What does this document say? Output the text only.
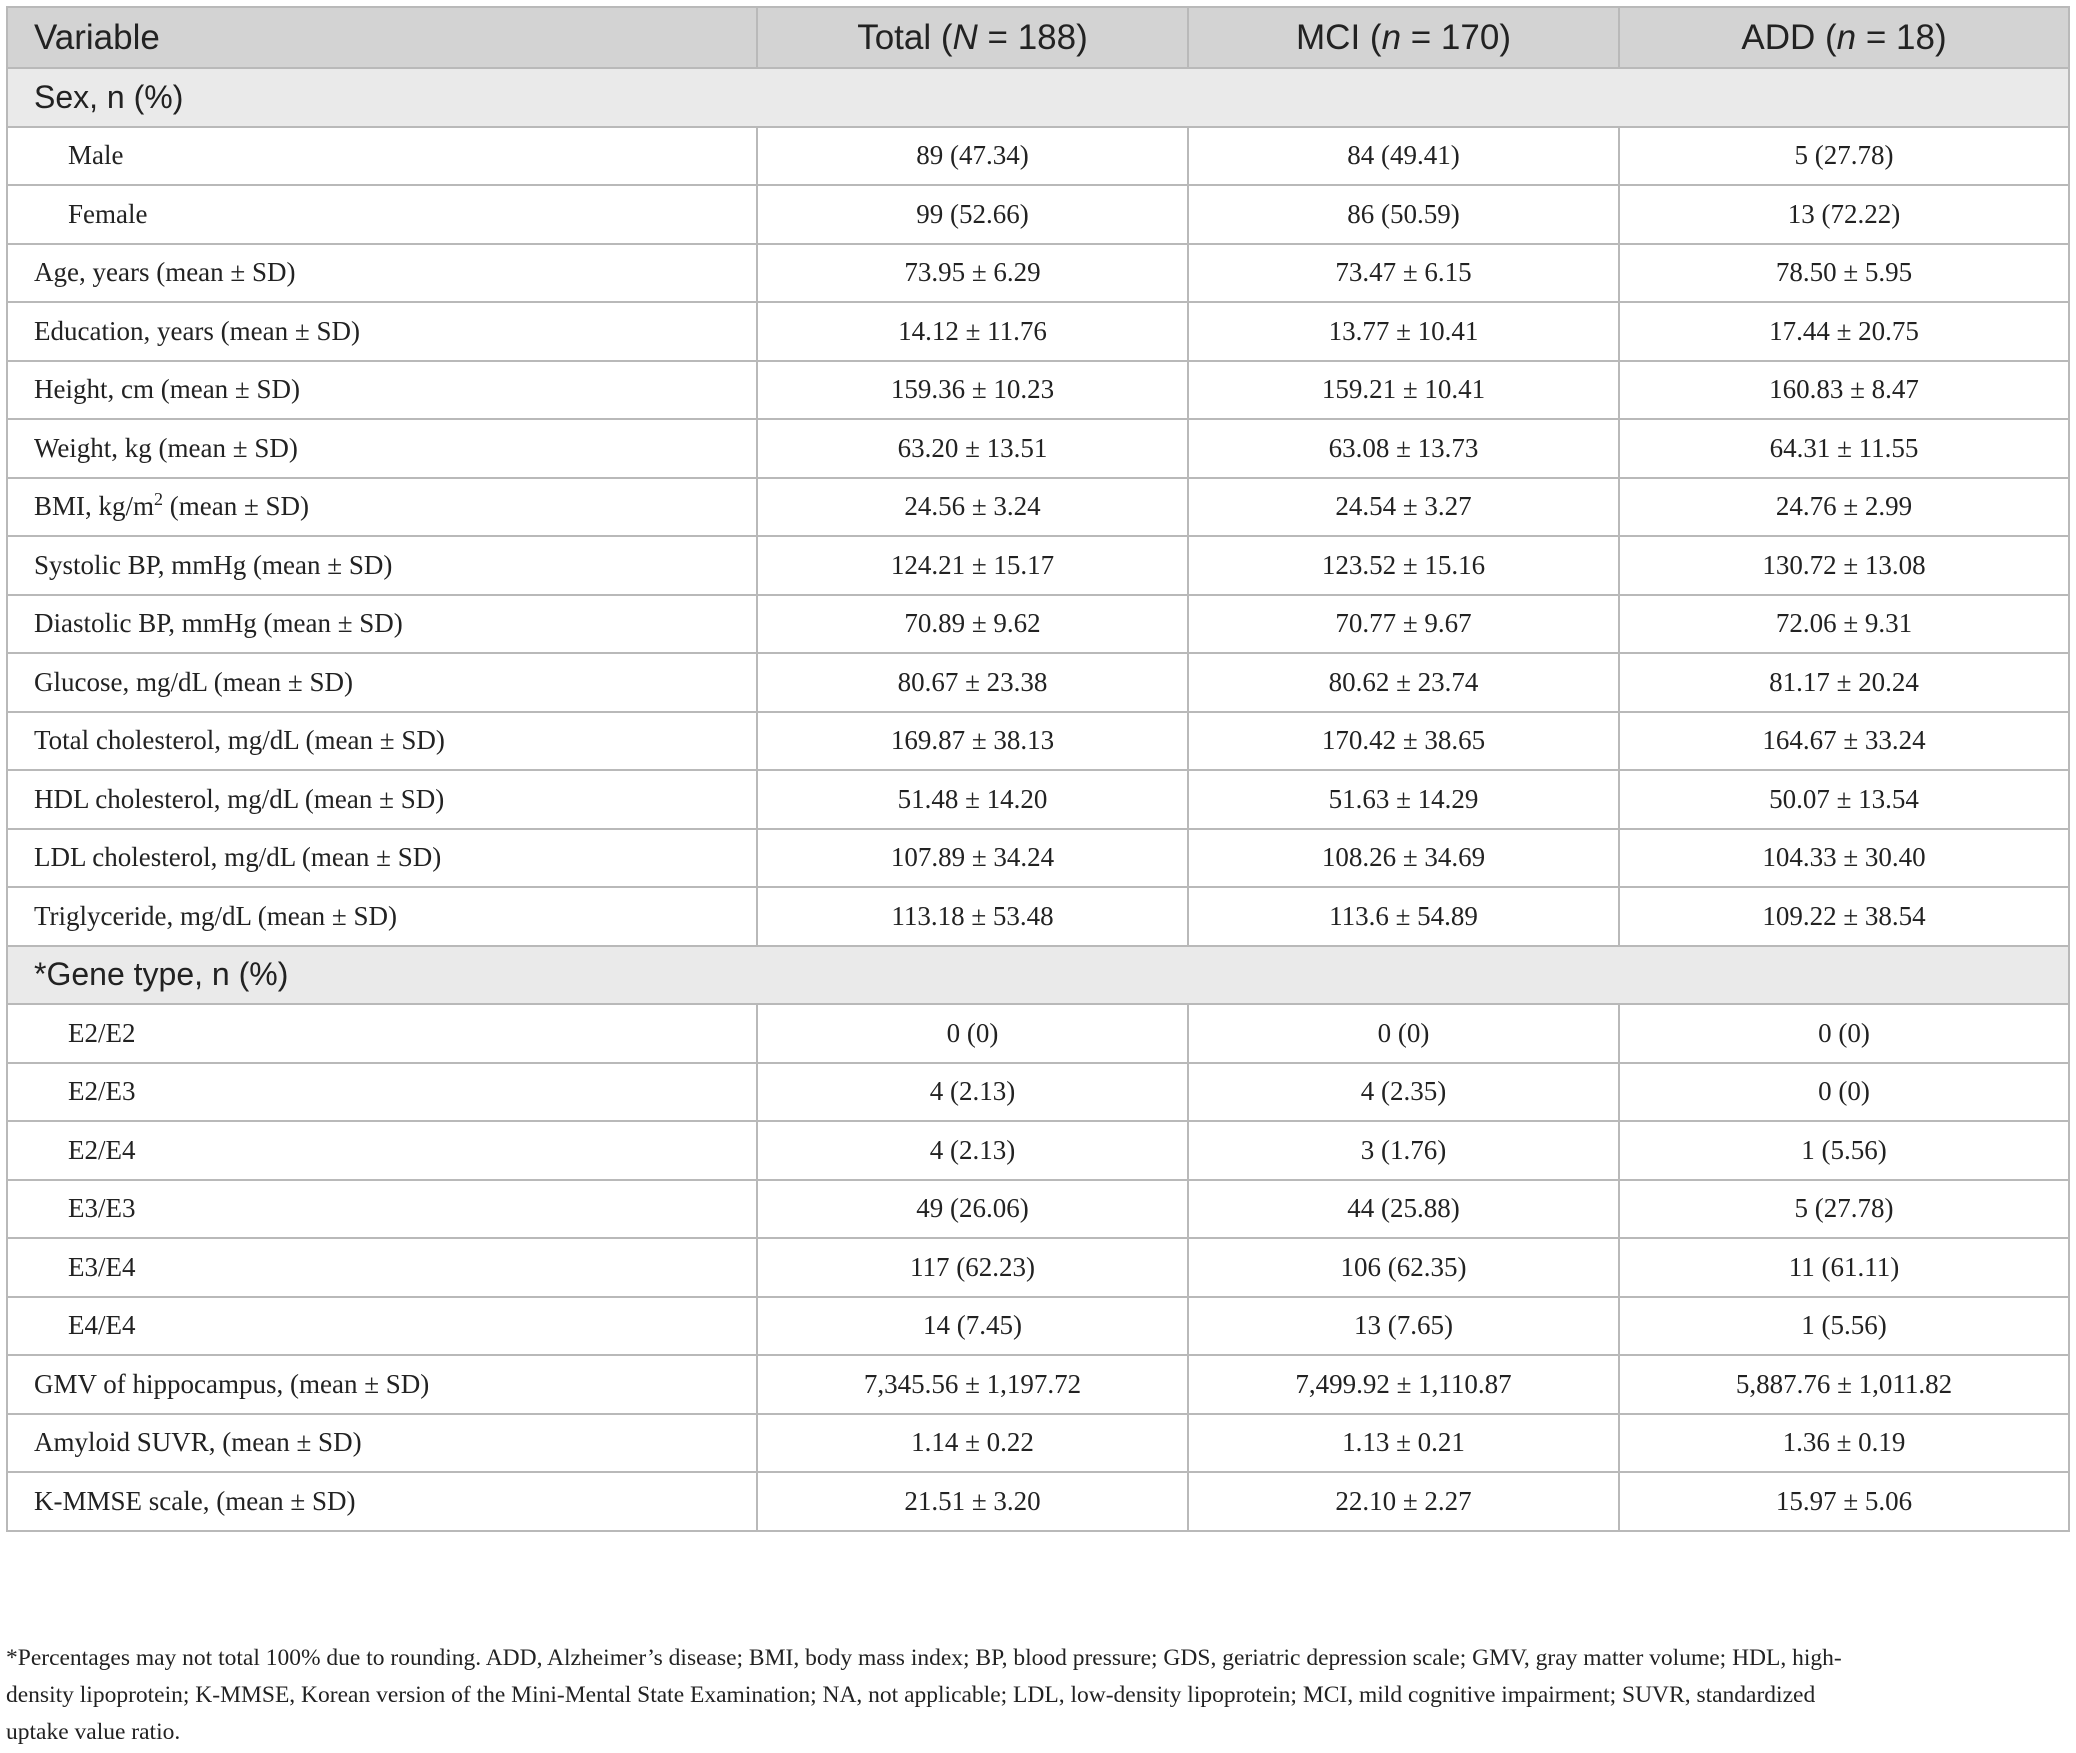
Variable	Total (N = 188)	MCI (n = 170)	ADD (n = 18)
Sex, n (%)			
Male	89 (47.34)	84 (49.41)	5 (27.78)
Female	99 (52.66)	86 (50.59)	13 (72.22)
Age, years (mean ± SD)	73.95 ± 6.29	73.47 ± 6.15	78.50 ± 5.95
Education, years (mean ± SD)	14.12 ± 11.76	13.77 ± 10.41	17.44 ± 20.75
Height, cm (mean ± SD)	159.36 ± 10.23	159.21 ± 10.41	160.83 ± 8.47
Weight, kg (mean ± SD)	63.20 ± 13.51	63.08 ± 13.73	64.31 ± 11.55
BMI, $kg/m^2$ (mean ± SD)	24.56 ± 3.24	24.54 ± 3.27	24.76 ± 2.99
Systolic BP, mmHg (mean ± SD)	124.21 ± 15.17	123.52 ± 15.16	130.72 ± 13.08
Diastolic BP, mmHg (mean ± SD)	70.89 ± 9.62	70.77 ± 9.67	72.06 ± 9.31
Glucose, mg/dL (mean ± SD)	80.67 ± 23.38	80.62 ± 23.74	81.17 ± 20.24
Total cholesterol, mg/dL (mean ± SD)	169.87 ± 38.13	170.42 ± 38.65	164.67 ± 33.24
HDL cholesterol, mg/dL (mean ± SD)	51.48 ± 14.20	51.63 ± 14.29	50.07 ± 13.54
LDL cholesterol, mg/dL (mean ± SD)	107.89 ± 34.24	108.26 ± 34.69	104.33 ± 30.40
Triglyceride, mg/dL (mean ± SD)	113.18 ± 53.48	113.6 ± 54.89	109.22 ± 38.54
*Gene type, n (%)			
E2/E2	0 (0)	0 (0)	0 (0)
E2/E3	4 (2.13)	4 (2.35)	0 (0)
E2/E4	4 (2.13)	3 (1.76)	1 (5.56)
E3/E3	49 (26.06)	44 (25.88)	5 (27.78)
E3/E4	117 (62.23)	106 (62.35)	11 (61.11)
E4/E4	14 (7.45)	13 (7.65)	1 (5.56)
GMV of hippocampus, (mean ± SD)	7,345.56 ± 1,197.72	7,499.92 ± 1,110.87	5,887.76 ± 1,011.82
Amyloid SUVR, (mean ± SD)	1.14 ± 0.22	1.13 ± 0.21	1.36 ± 0.19
K-MMSE scale, (mean ± SD)	21.51 ± 3.20	22.10 ± 2.27	15.97 ± 5.06
*Percentages may not total 100% due to rounding. ADD, Alzheimer’s disease; BMI, body mass index; BP, blood pressure; GDS, geriatric depression scale; GMV, gray matter volume; HDL, high-
density lipoprotein; K-MMSE, Korean version of the Mini-Mental State Examination; NA, not applicable; LDL, low-density lipoprotein; MCI, mild cognitive impairment; SUVR, standardized
uptake value ratio.
